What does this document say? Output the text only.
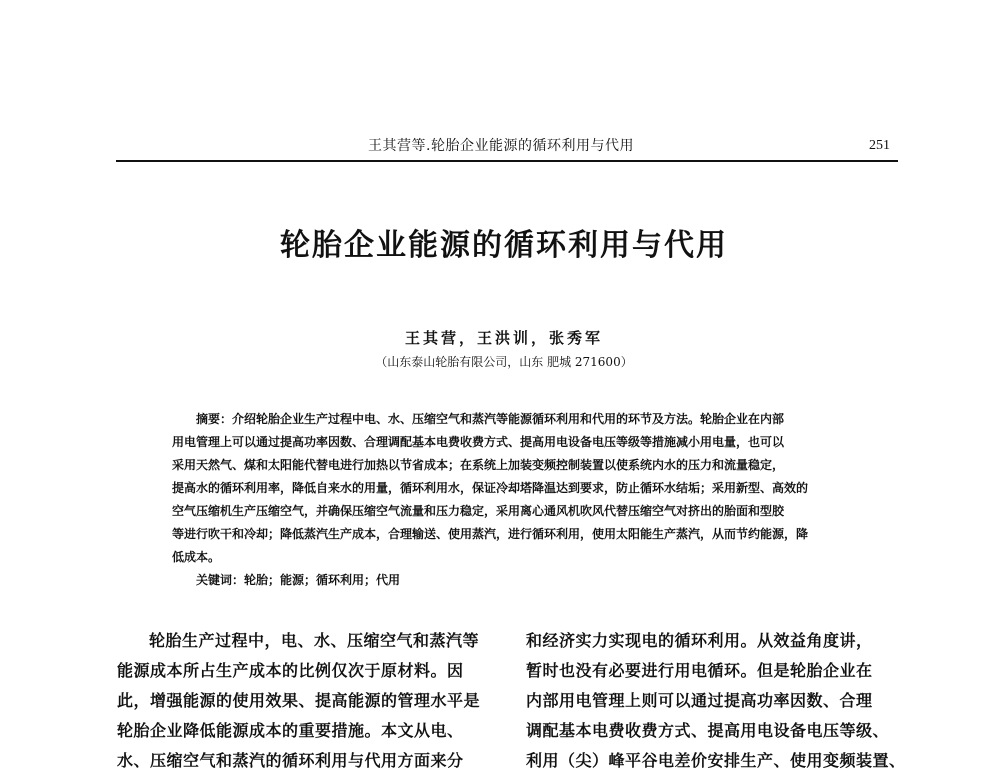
王其营等.轮胎企业能源的循环利用与代用	251
轮胎企业能源的循环利用与代用
王其营，王洪训，张秀军
（山东泰山轮胎有限公司，山东 肥城 271600）
摘要：介绍轮胎企业生产过程中电、水、压缩空气和蒸汽等能源循环利用和代用的环节及方法。轮胎企业在内部
用电管理上可以通过提高功率因数、合理调配基本电费收费方式、提高用电设备电压等级等措施减小用电量，也可以
采用天然气、煤和太阳能代替电进行加热以节省成本；在系统上加装变频控制装置以使系统内水的压力和流量稳定，
提高水的循环利用率，降低自来水的用量，循环利用水，保证冷却塔降温达到要求，防止循环水结垢；采用新型、高效的
空气压缩机生产压缩空气，并确保压缩空气流量和压力稳定，采用离心通风机吹风代替压缩空气对挤出的胎面和型胶
等进行吹干和冷却；降低蒸汽生产成本，合理输送、使用蒸汽，进行循环利用，使用太阳能生产蒸汽，从而节约能源，降
低成本。
关键词：轮胎；能源；循环利用；代用
轮胎生产过程中，电、水、压缩空气和蒸汽等
能源成本所占生产成本的比例仅次于原材料。因
此，增强能源的使用效果、提高能源的管理水平是
轮胎企业降低能源成本的重要措施。本文从电、
水、压缩空气和蒸汽的循环利用与代用方面来分
和经济实力实现电的循环利用。从效益角度讲，
暂时也没有必要进行用电循环。但是轮胎企业在
内部用电管理上则可以通过提高功率因数、合理
调配基本电费收费方式、提高用电设备电压等级、
利用（尖）峰平谷电差价安排生产、使用变频装置、
